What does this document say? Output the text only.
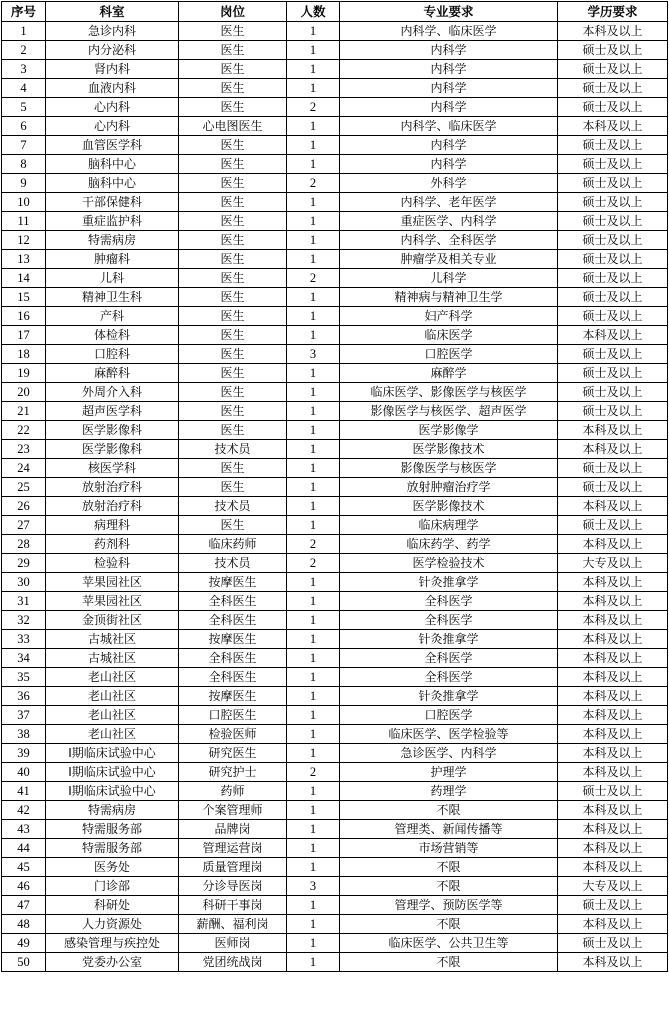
序号	科室	岗位	人数	专业要求	学历要求
1	急诊内科	医生	1	内科学、临床医学	本科及以上
2	内分泌科	医生	1	内科学	硕士及以上
3	肾内科	医生	1	内科学	硕士及以上
4	血液内科	医生	1	内科学	硕士及以上
5	心内科	医生	2	内科学	硕士及以上
6	心内科	心电图医生	1	内科学、临床医学	本科及以上
7	血管医学科	医生	1	内科学	硕士及以上
8	脑科中心	医生	1	内科学	硕士及以上
9	脑科中心	医生	2	外科学	硕士及以上
10	干部保健科	医生	1	内科学、老年医学	硕士及以上
11	重症监护科	医生	1	重症医学、内科学	硕士及以上
12	特需病房	医生	1	内科学、全科医学	硕士及以上
13	肿瘤科	医生	1	肿瘤学及相关专业	硕士及以上
14	儿科	医生	2	儿科学	硕士及以上
15	精神卫生科	医生	1	精神病与精神卫生学	硕士及以上
16	产科	医生	1	妇产科学	硕士及以上
17	体检科	医生	1	临床医学	本科及以上
18	口腔科	医生	3	口腔医学	硕士及以上
19	麻醉科	医生	1	麻醉学	硕士及以上
20	外周介入科	医生	1	临床医学、影像医学与核医学	硕士及以上
21	超声医学科	医生	1	影像医学与核医学、超声医学	硕士及以上
22	医学影像科	医生	1	医学影像学	本科及以上
23	医学影像科	技术员	1	医学影像技术	本科及以上
24	核医学科	医生	1	影像医学与核医学	硕士及以上
25	放射治疗科	医生	1	放射肿瘤治疗学	硕士及以上
26	放射治疗科	技术员	1	医学影像技术	本科及以上
27	病理科	医生	1	临床病理学	硕士及以上
28	药剂科	临床药师	2	临床药学、药学	本科及以上
29	检验科	技术员	2	医学检验技术	大专及以上
30	苹果园社区	按摩医生	1	针灸推拿学	本科及以上
31	苹果园社区	全科医生	1	全科医学	本科及以上
32	金顶街社区	全科医生	1	全科医学	本科及以上
33	古城社区	按摩医生	1	针灸推拿学	本科及以上
34	古城社区	全科医生	1	全科医学	本科及以上
35	老山社区	全科医生	1	全科医学	本科及以上
36	老山社区	按摩医生	1	针灸推拿学	本科及以上
37	老山社区	口腔医生	1	口腔医学	本科及以上
38	老山社区	检验医师	1	临床医学、医学检验等	本科及以上
39	I期临床试验中心	研究医生	1	急诊医学、内科学	本科及以上
40	I期临床试验中心	研究护士	2	护理学	本科及以上
41	I期临床试验中心	药师	1	药理学	硕士及以上
42	特需病房	个案管理师	1	不限	本科及以上
43	特需服务部	品牌岗	1	管理类、新闻传播等	本科及以上
44	特需服务部	管理运营岗	1	市场营销等	本科及以上
45	医务处	质量管理岗	1	不限	本科及以上
46	门诊部	分诊导医岗	3	不限	大专及以上
47	科研处	科研干事岗	1	管理学、预防医学等	硕士及以上
48	人力资源处	薪酬、福利岗	1	不限	本科及以上
49	感染管理与疾控处	医师岗	1	临床医学、公共卫生等	硕士及以上
50	党委办公室	党团统战岗	1	不限	本科及以上
